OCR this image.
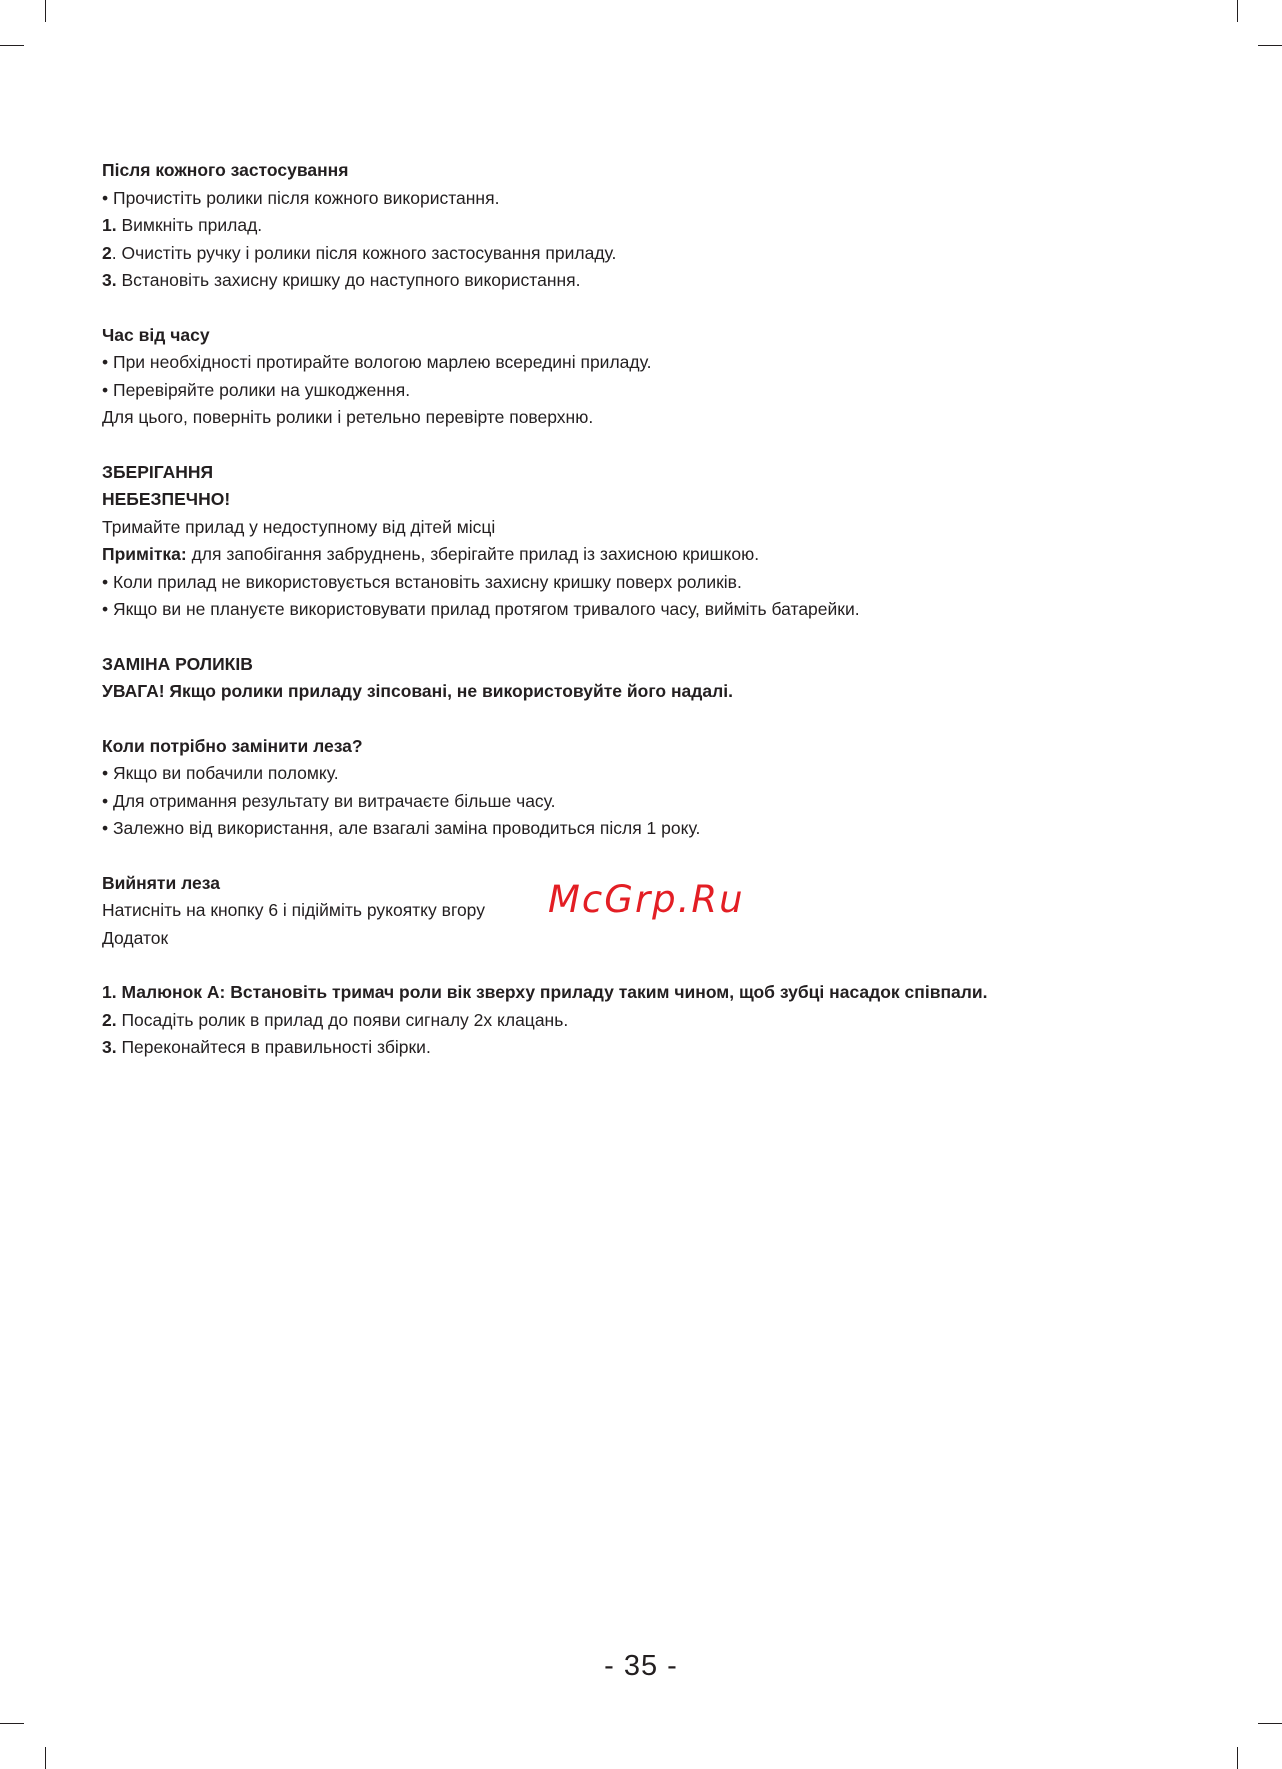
Після кожного застосування
• Прочистіть ролики після кожного використання.
1. Вимкніть прилад.
2. Очистіть ручку і ролики після кожного застосування приладу.
3. Встановіть захисну кришку до наступного використання.
Час від часу
• При необхідності протирайте вологою марлею всередині приладу.
• Перевіряйте ролики на ушкодження.
Для цього, поверніть ролики і ретельно перевірте поверхню.
ЗБЕРІГАННЯ
НЕБЕЗПЕЧНО!
Тримайте прилад у недоступному від дітей місці
Примітка: для запобігання забруднень, зберігайте прилад із захисною кришкою.
• Коли прилад не використовується встановіть захисну кришку поверх роликів.
• Якщо ви не плануєте використовувати прилад протягом тривалого часу, вийміть батарейки.
ЗАМІНА РОЛИКІВ
УВАГА! Якщо ролики приладу зіпсовані, не використовуйте його надалі.
Коли потрібно замінити леза?
• Якщо ви побачили поломку.
• Для отримання результату ви витрачаєте більше часу.
• Залежно від використання, але взагалі заміна проводиться після 1 року.
Вийняти леза
Натисніть на кнопку 6 і підійміть рукоятку вгору
Додаток
McGrp.Ru
1. Малюнок А: Встановіть тримач роли вік зверху приладу таким чином, щоб зубці насадок співпали.
2. Посадіть ролик в прилад до появи сигналу 2х клацань.
3. Переконайтеся в правильності збірки.
- 35 -
